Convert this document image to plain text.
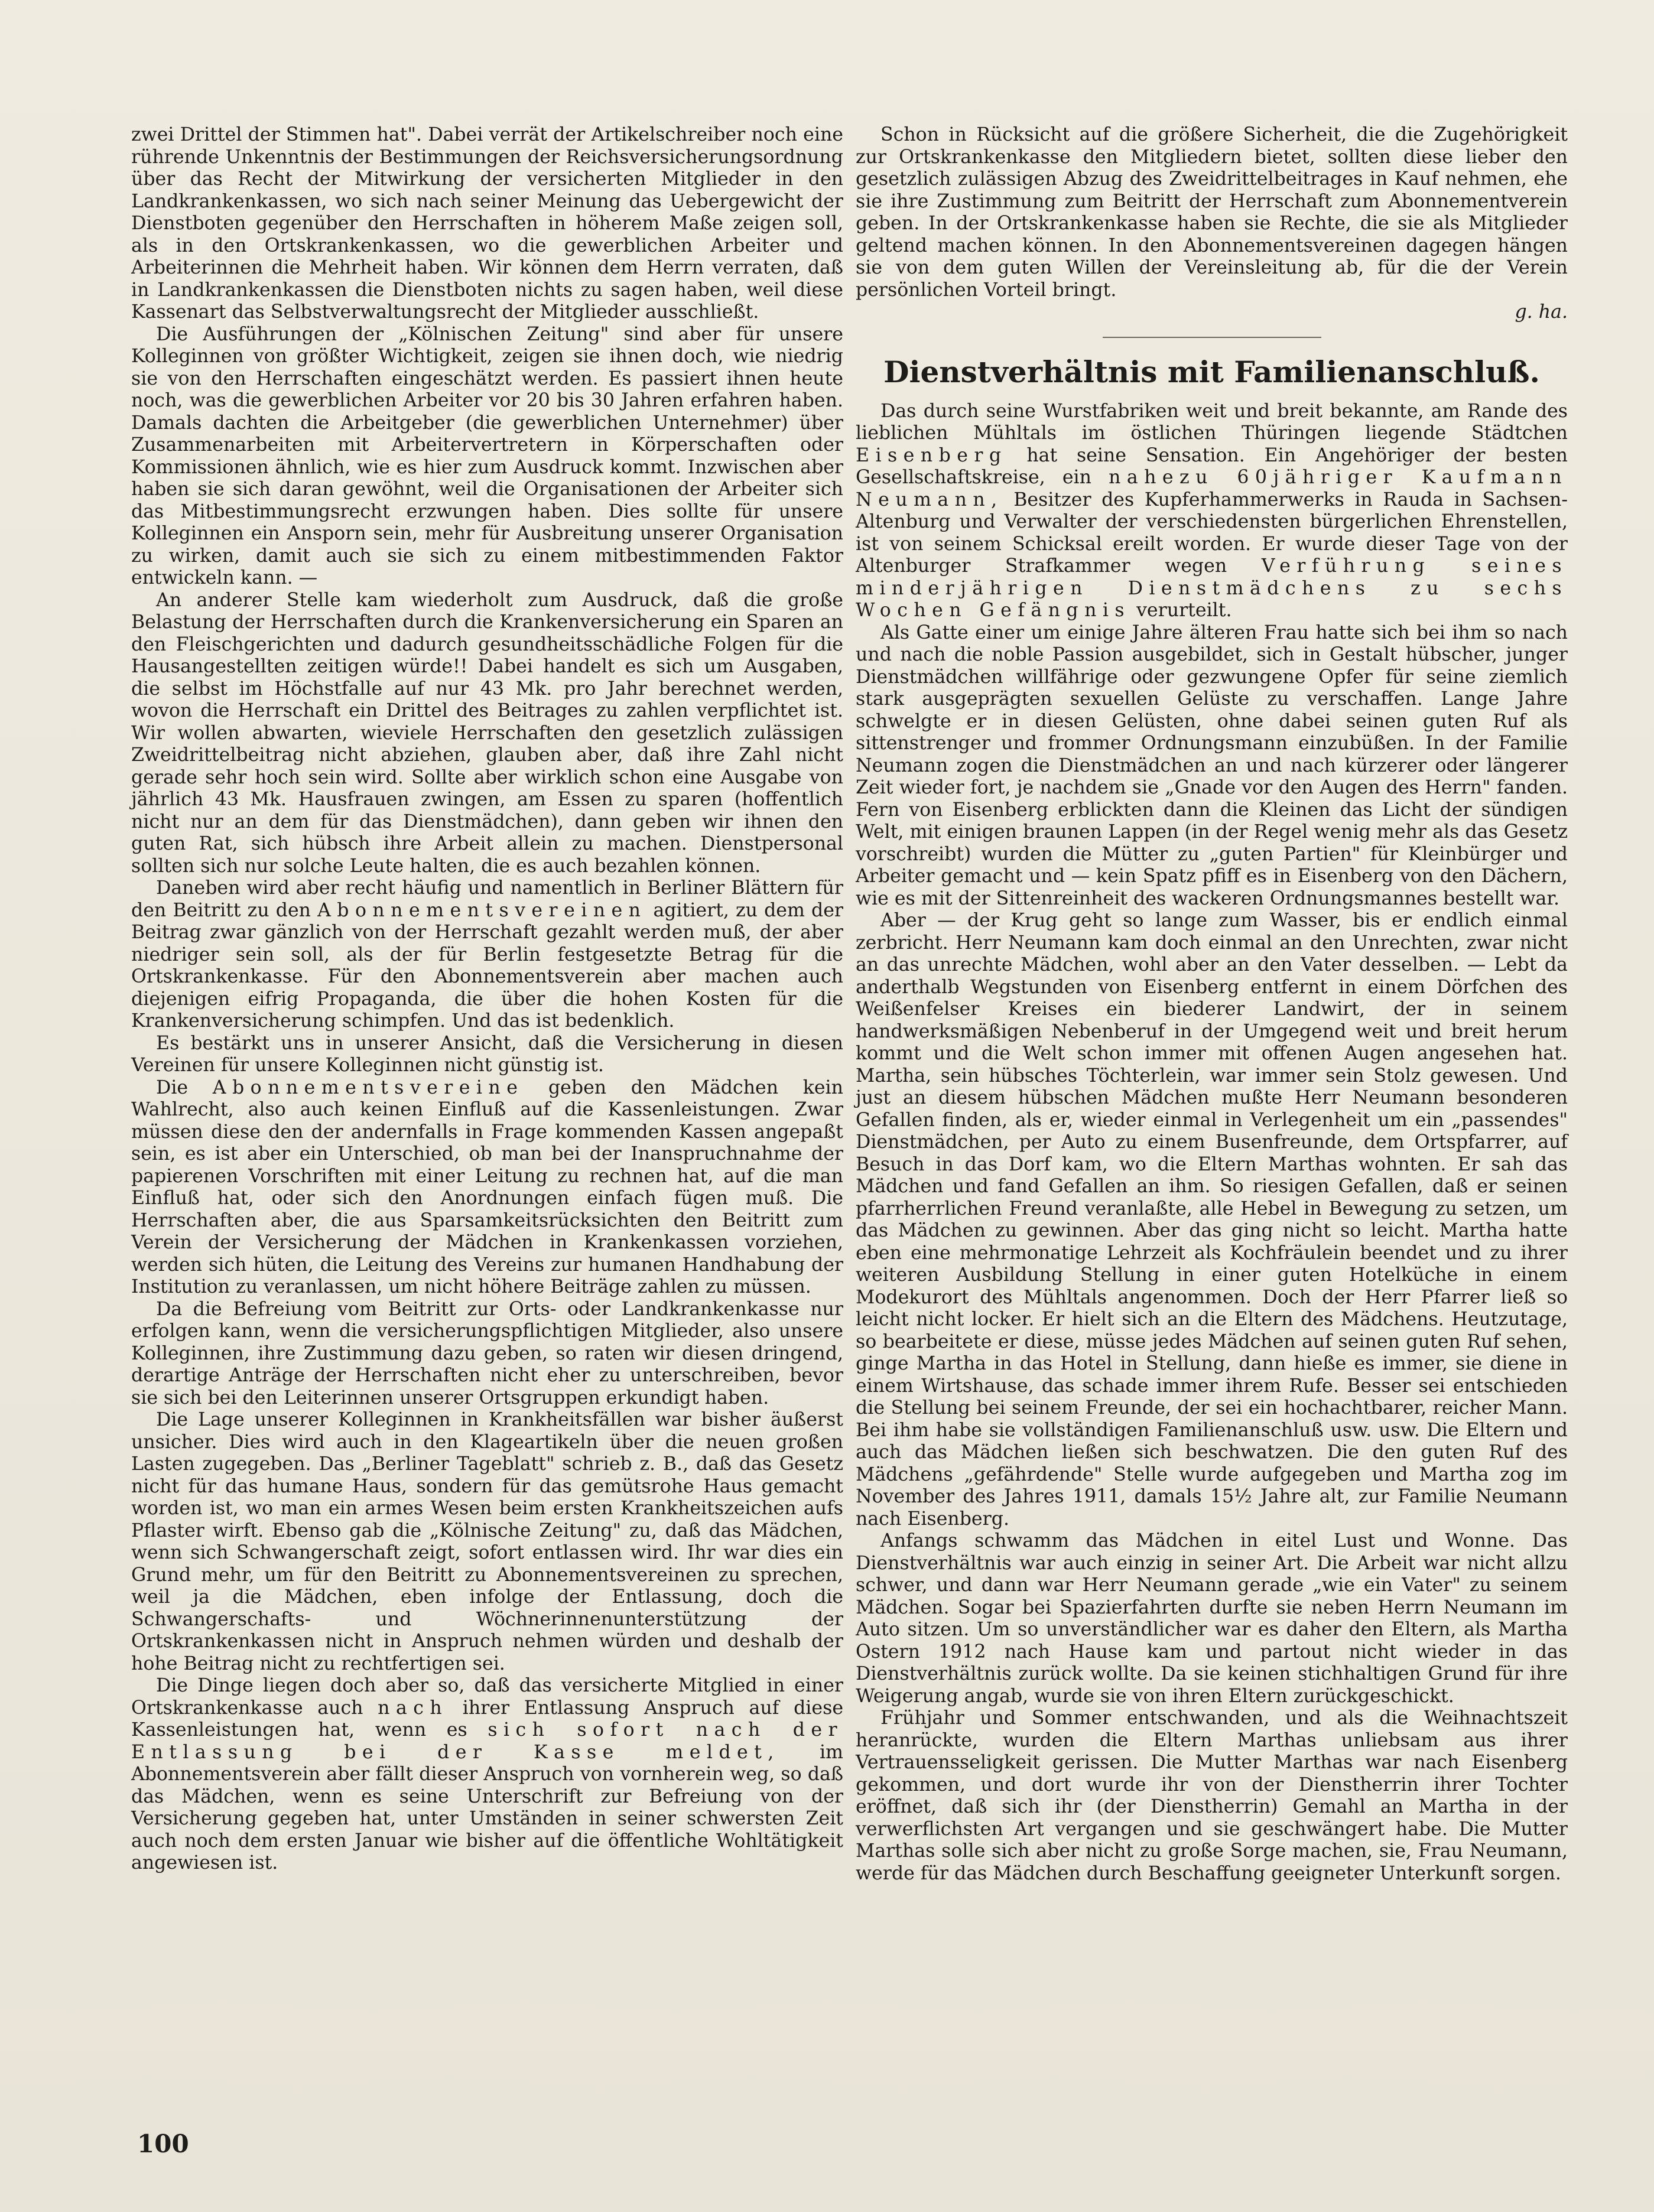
zwei Drittel der Stimmen hat". Dabei verrät der Artikelschreiber noch eine rührende Unkenntnis der Bestimmungen der Reichsversicherungsordnung über das Recht der Mitwirkung der versicherten Mitglieder in den Landkrankenkassen, wo sich nach seiner Meinung das Uebergewicht der Dienstboten gegenüber den Herrschaften in höherem Maße zeigen soll, als in den Ortskrankenkassen, wo die gewerblichen Arbeiter und Arbeiterinnen die Mehrheit haben. Wir können dem Herrn verraten, daß in Landkrankenkassen die Dienstboten nichts zu sagen haben, weil diese Kassenart das Selbstverwaltungsrecht der Mitglieder ausschließt.

Die Ausführungen der „Kölnischen Zeitung" sind aber für unsere Kolleginnen von größter Wichtigkeit, zeigen sie ihnen doch, wie niedrig sie von den Herrschaften eingeschätzt werden. Es passiert ihnen heute noch, was die gewerblichen Arbeiter vor 20 bis 30 Jahren erfahren haben. Damals dachten die Arbeitgeber (die gewerblichen Unternehmer) über Zusammenarbeiten mit Arbeitervertretern in Körperschaften oder Kommissionen ähnlich, wie es hier zum Ausdruck kommt. Inzwischen aber haben sie sich daran gewöhnt, weil die Organisationen der Arbeiter sich das Mitbestimmungsrecht erzwungen haben. Dies sollte für unsere Kolleginnen ein Ansporn sein, mehr für Ausbreitung unserer Organisation zu wirken, damit auch sie sich zu einem mitbestimmenden Faktor entwickeln kann. —

An anderer Stelle kam wiederholt zum Ausdruck, daß die große Belastung der Herrschaften durch die Krankenversicherung ein Sparen an den Fleischgerichten und dadurch gesundheitsschädliche Folgen für die Hausangestellten zeitigen würde!! Dabei handelt es sich um Ausgaben, die selbst im Höchstfalle auf nur 43 Mk. pro Jahr berechnet werden, wovon die Herrschaft ein Drittel des Beitrages zu zahlen verpflichtet ist. Wir wollen abwarten, wieviele Herrschaften den gesetzlich zulässigen Zweidrittelbeitrag nicht abziehen, glauben aber, daß ihre Zahl nicht gerade sehr hoch sein wird. Sollte aber wirklich schon eine Ausgabe von jährlich 43 Mk. Hausfrauen zwingen, am Essen zu sparen (hoffentlich nicht nur an dem für das Dienstmädchen), dann geben wir ihnen den guten Rat, sich hübsch ihre Arbeit allein zu machen. Dienstpersonal sollten sich nur solche Leute halten, die es auch bezahlen können.

Daneben wird aber recht häufig und namentlich in Berliner Blättern für den Beitritt zu den Abonnementsvereinen agitiert, zu dem der Beitrag zwar gänzlich von der Herrschaft gezahlt werden muß, der aber niedriger sein soll, als der für Berlin festgesetzte Betrag für die Ortskrankenkasse. Für den Abonnementsverein aber machen auch diejenigen eifrig Propaganda, die über die hohen Kosten für die Krankenversicherung schimpfen. Und das ist bedenklich.

Es bestärkt uns in unserer Ansicht, daß die Versicherung in diesen Vereinen für unsere Kolleginnen nicht günstig ist.

Die Abonnementsvereine geben den Mädchen kein Wahlrecht, also auch keinen Einfluß auf die Kassenleistungen. Zwar müssen diese den der andernfalls in Frage kommenden Kassen angepaßt sein, es ist aber ein Unterschied, ob man bei der Inanspruchnahme der papierenen Vorschriften mit einer Leitung zu rechnen hat, auf die man Einfluß hat, oder sich den Anordnungen einfach fügen muß. Die Herrschaften aber, die aus Sparsamkeitsrücksichten den Beitritt zum Verein der Versicherung der Mädchen in Krankenkassen vorziehen, werden sich hüten, die Leitung des Vereins zur humanen Handhabung der Institution zu veranlassen, um nicht höhere Beiträge zahlen zu müssen.

Da die Befreiung vom Beitritt zur Orts- oder Landkrankenkasse nur erfolgen kann, wenn die versicherungspflichtigen Mitglieder, also unsere Kolleginnen, ihre Zustimmung dazu geben, so raten wir diesen dringend, derartige Anträge der Herrschaften nicht eher zu unterschreiben, bevor sie sich bei den Leiterinnen unserer Ortsgruppen erkundigt haben.

Die Lage unserer Kolleginnen in Krankheitsfällen war bisher äußerst unsicher. Dies wird auch in den Klageartikeln über die neuen großen Lasten zugegeben. Das „Berliner Tageblatt" schrieb z. B., daß das Gesetz nicht für das humane Haus, sondern für das gemütsrohe Haus gemacht worden ist, wo man ein armes Wesen beim ersten Krankheitszeichen aufs Pflaster wirft. Ebenso gab die „Kölnische Zeitung" zu, daß das Mädchen, wenn sich Schwangerschaft zeigt, sofort entlassen wird. Ihr war dies ein Grund mehr, um für den Beitritt zu Abonnementsvereinen zu sprechen, weil ja die Mädchen, eben infolge der Entlassung, doch die Schwangerschafts- und Wöchnerinnenunterstützung der Ortskrankenkassen nicht in Anspruch nehmen würden und deshalb der hohe Beitrag nicht zu rechtfertigen sei.

Die Dinge liegen doch aber so, daß das versicherte Mitglied in einer Ortskrankenkasse auch nach ihrer Entlassung Anspruch auf diese Kassenleistungen hat, wenn es sich sofort nach der Entlassung bei der Kasse meldet, im Abonnementsverein aber fällt dieser Anspruch von vornherein weg, so daß das Mädchen, wenn es seine Unterschrift zur Befreiung von der Versicherung gegeben hat, unter Umständen in seiner schwersten Zeit auch noch dem ersten Januar wie bisher auf die öffentliche Wohltätigkeit angewiesen ist.

Schon in Rücksicht auf die größere Sicherheit, die die Zugehörigkeit zur Ortskrankenkasse den Mitgliedern bietet, sollten diese lieber den gesetzlich zulässigen Abzug des Zweidrittelbeitrages in Kauf nehmen, ehe sie ihre Zustimmung zum Beitritt der Herrschaft zum Abonnementverein geben. In der Ortskrankenkasse haben sie Rechte, die sie als Mitglieder geltend machen können. In den Abonnementsvereinen dagegen hängen sie von dem guten Willen der Vereinsleitung ab, für die der Verein persönlichen Vorteil bringt.

g. ha.
Dienstverhältnis mit Familienanschluß.

Das durch seine Wurstfabriken weit und breit bekannte, am Rande des lieblichen Mühltals im östlichen Thüringen liegende Städtchen Eisenberg hat seine Sensation. Ein Angehöriger der besten Gesellschaftskreise, ein nahezu 60jähriger Kaufmann Neumann, Besitzer des Kupferhammerwerks in Rauda in Sachsen-Altenburg und Verwalter der verschiedensten bürgerlichen Ehrenstellen, ist von seinem Schicksal ereilt worden. Er wurde dieser Tage von der Altenburger Strafkammer wegen Verführung seines minderjährigen Dienstmädchens zu sechs Wochen Gefängnis verurteilt.

Als Gatte einer um einige Jahre älteren Frau hatte sich bei ihm so nach und nach die noble Passion ausgebildet, sich in Gestalt hübscher, junger Dienstmädchen willfährige oder gezwungene Opfer für seine ziemlich stark ausgeprägten sexuellen Gelüste zu verschaffen. Lange Jahre schwelgte er in diesen Gelüsten, ohne dabei seinen guten Ruf als sittenstrenger und frommer Ordnungsmann einzubüßen. In der Familie Neumann zogen die Dienstmädchen an und nach kürzerer oder längerer Zeit wieder fort, je nachdem sie „Gnade vor den Augen des Herrn" fanden. Fern von Eisenberg erblickten dann die Kleinen das Licht der sündigen Welt, mit einigen braunen Lappen (in der Regel wenig mehr als das Gesetz vorschreibt) wurden die Mütter zu „guten Partien" für Kleinbürger und Arbeiter gemacht und — kein Spatz pfiff es in Eisenberg von den Dächern, wie es mit der Sittenreinheit des wackeren Ordnungsmannes bestellt war.

Aber — der Krug geht so lange zum Wasser, bis er endlich einmal zerbricht. Herr Neumann kam doch einmal an den Unrechten, zwar nicht an das unrechte Mädchen, wohl aber an den Vater desselben. — Lebt da anderthalb Wegstunden von Eisenberg entfernt in einem Dörfchen des Weißenfelser Kreises ein biederer Landwirt, der in seinem handwerksmäßigen Nebenberuf in der Umgegend weit und breit herum kommt und die Welt schon immer mit offenen Augen angesehen hat. Martha, sein hübsches Töchterlein, war immer sein Stolz gewesen. Und just an diesem hübschen Mädchen mußte Herr Neumann besonderen Gefallen finden, als er, wieder einmal in Verlegenheit um ein „passendes" Dienstmädchen, per Auto zu einem Busenfreunde, dem Ortspfarrer, auf Besuch in das Dorf kam, wo die Eltern Marthas wohnten. Er sah das Mädchen und fand Gefallen an ihm. So riesigen Gefallen, daß er seinen pfarrherrlichen Freund veranlaßte, alle Hebel in Bewegung zu setzen, um das Mädchen zu gewinnen. Aber das ging nicht so leicht. Martha hatte eben eine mehrmonatige Lehrzeit als Kochfräulein beendet und zu ihrer weiteren Ausbildung Stellung in einer guten Hotelküche in einem Modekurort des Mühltals angenommen. Doch der Herr Pfarrer ließ so leicht nicht locker. Er hielt sich an die Eltern des Mädchens. Heutzutage, so bearbeitete er diese, müsse jedes Mädchen auf seinen guten Ruf sehen, ginge Martha in das Hotel in Stellung, dann hieße es immer, sie diene in einem Wirtshause, das schade immer ihrem Rufe. Besser sei entschieden die Stellung bei seinem Freunde, der sei ein hochachtbarer, reicher Mann. Bei ihm habe sie vollständigen Familienanschluß usw. usw. Die Eltern und auch das Mädchen ließen sich beschwatzen. Die den guten Ruf des Mädchens „gefährdende" Stelle wurde aufgegeben und Martha zog im November des Jahres 1911, damals 15½ Jahre alt, zur Familie Neumann nach Eisenberg.

Anfangs schwamm das Mädchen in eitel Lust und Wonne. Das Dienstverhältnis war auch einzig in seiner Art. Die Arbeit war nicht allzu schwer, und dann war Herr Neumann gerade „wie ein Vater" zu seinem Mädchen. Sogar bei Spazierfahrten durfte sie neben Herrn Neumann im Auto sitzen. Um so unverständlicher war es daher den Eltern, als Martha Ostern 1912 nach Hause kam und partout nicht wieder in das Dienstverhältnis zurück wollte. Da sie keinen stichhaltigen Grund für ihre Weigerung angab, wurde sie von ihren Eltern zurückgeschickt.

Frühjahr und Sommer entschwanden, und als die Weihnachtszeit heranrückte, wurden die Eltern Marthas unliebsam aus ihrer Vertrauensseligkeit gerissen. Die Mutter Marthas war nach Eisenberg gekommen, und dort wurde ihr von der Dienstherrin ihrer Tochter eröffnet, daß sich ihr (der Dienstherrin) Gemahl an Martha in der verwerflichsten Art vergangen und sie geschwängert habe. Die Mutter Marthas solle sich aber nicht zu große Sorge machen, sie, Frau Neumann, werde für das Mädchen durch Beschaffung geeigneter Unterkunft sorgen.

100
